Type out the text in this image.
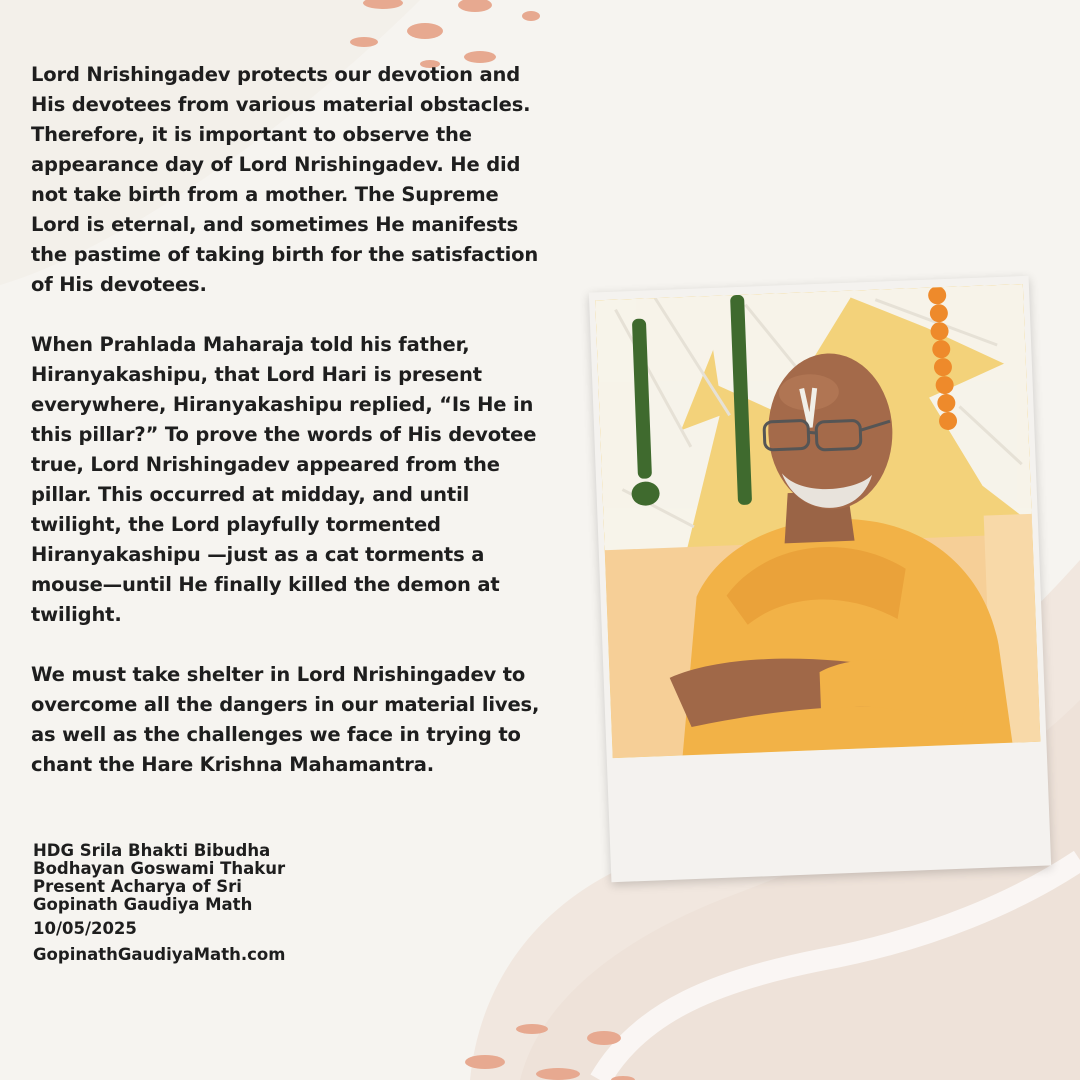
Lord Nrishingadev protects our devotion and
His devotees from various material obstacles.
Therefore, it is important to observe the
appearance day of Lord Nrishingadev. He did
not take birth from a mother. The Supreme
Lord is eternal, and sometimes He manifests
the pastime of taking birth for the satisfaction
of His devotees.

When Prahlada Maharaja told his father,
Hiranyakashipu, that Lord Hari is present
everywhere, Hiranyakashipu replied, “Is He in
this pillar?” To prove the words of His devotee
true, Lord Nrishingadev appeared from the
pillar. This occurred at midday, and until
twilight, the Lord playfully tormented
Hiranyakashipu —just as a cat torments a
mouse—until He finally killed the demon at
twilight.

We must take shelter in Lord Nrishingadev to
overcome all the dangers in our material lives,
as well as the challenges we face in trying to
chant the Hare Krishna Mahamantra.

HDG Srila Bhakti Bibudha
Bodhayan Goswami Thakur
Present Acharya of Sri
Gopinath Gaudiya Math
10/05/2025
GopinathGaudiyaMath.com
